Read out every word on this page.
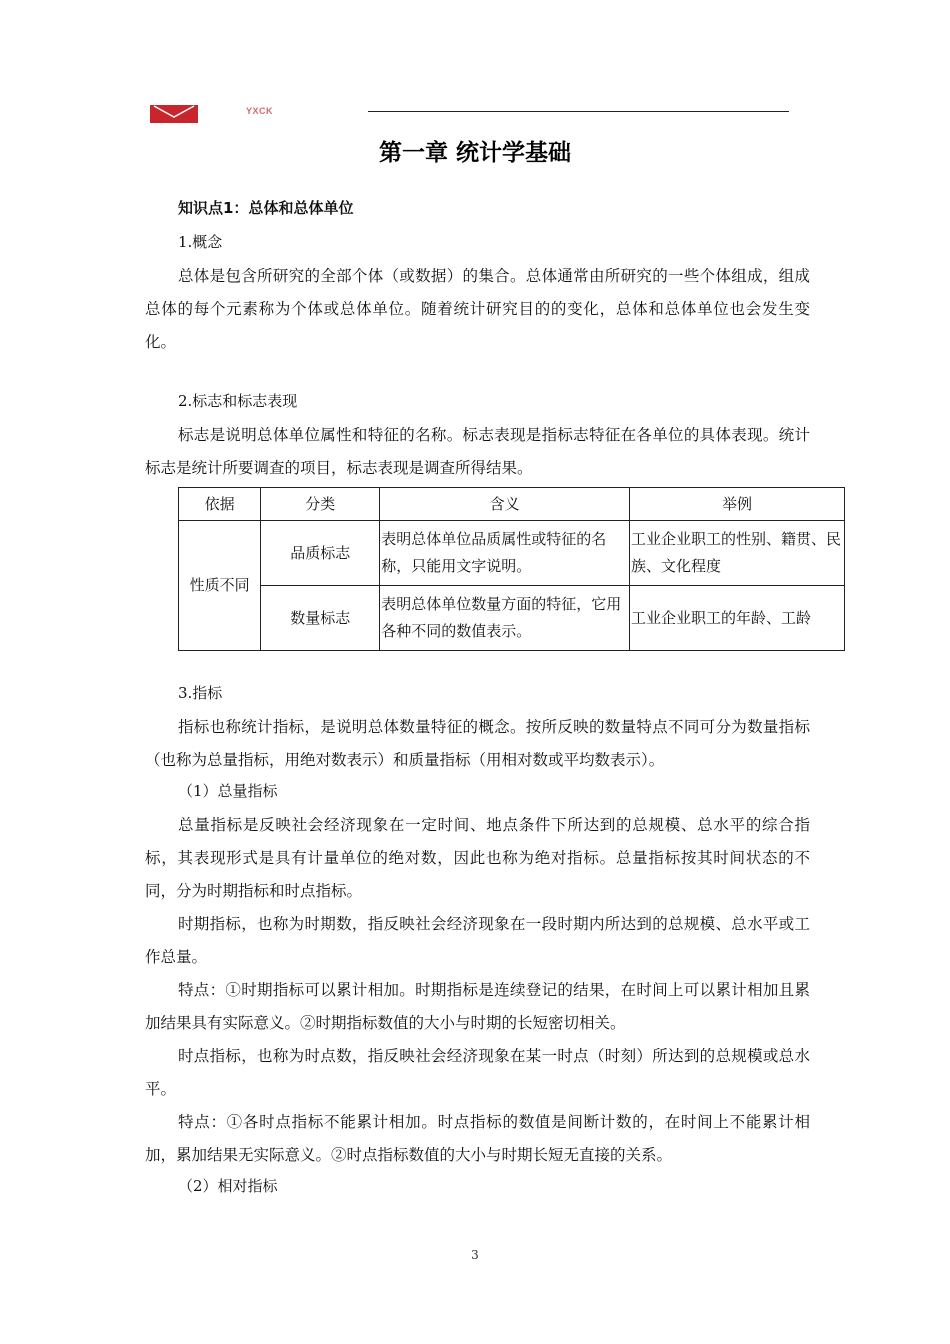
YXCK
第一章 统计学基础

知识点1：总体和总体单位

1.概念

总体是包含所研究的全部个体（或数据）的集合。总体通常由所研究的一些个体组成，组成总体的每个元素称为个体或总体单位。随着统计研究目的的变化，总体和总体单位也会发生变化。

2.标志和标志表现

标志是说明总体单位属性和特征的名称。标志表现是指标志特征在各单位的具体表现。统计标志是统计所要调查的项目，标志表现是调查所得结果。

依据	分类	含义	举例
性质不同	品质标志	表明总体单位品质属性或特征的名称，只能用文字说明。	工业企业职工的性别、籍贯、民族、文化程度
	数量标志	表明总体单位数量方面的特征，它用各种不同的数值表示。	工业企业职工的年龄、工龄

3.指标

指标也称统计指标，是说明总体数量特征的概念。按所反映的数量特点不同可分为数量指标（也称为总量指标，用绝对数表示）和质量指标（用相对数或平均数表示）。

（1）总量指标

总量指标是反映社会经济现象在一定时间、地点条件下所达到的总规模、总水平的综合指标，其表现形式是具有计量单位的绝对数，因此也称为绝对指标。总量指标按其时间状态的不同，分为时期指标和时点指标。

时期指标，也称为时期数，指反映社会经济现象在一段时期内所达到的总规模、总水平或工作总量。

特点：①时期指标可以累计相加。时期指标是连续登记的结果，在时间上可以累计相加且累加结果具有实际意义。②时期指标数值的大小与时期的长短密切相关。

时点指标，也称为时点数，指反映社会经济现象在某一时点（时刻）所达到的总规模或总水平。

特点：①各时点指标不能累计相加。时点指标的数值是间断计数的，在时间上不能累计相加，累加结果无实际意义。②时点指标数值的大小与时期长短无直接的关系。

（2）相对指标

3
